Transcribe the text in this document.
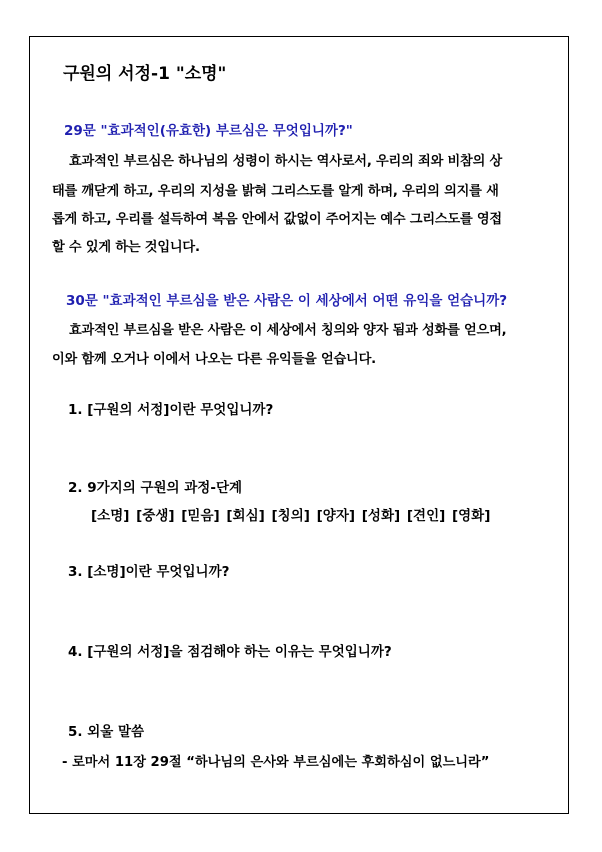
구원의 서정-1 "소명"
29문 "효과적인(유효한) 부르심은 무엇입니까?"
효과적인 부르심은 하나님의 성령이 하시는 역사로서, 우리의 죄와 비참의 상
태를 깨닫게 하고, 우리의 지성을 밝혀 그리스도를 알게 하며, 우리의 의지를 새
롭게 하고, 우리를 설득하여 복음 안에서 값없이 주어지는 예수 그리스도를 영접
할 수 있게 하는 것입니다.
30문 "효과적인 부르심을 받은 사람은 이 세상에서 어떤 유익을 얻습니까?
효과적인 부르심을 받은 사람은 이 세상에서 칭의와 양자 됨과 성화를 얻으며,
이와 함께 오거나 이에서 나오는 다른 유익들을 얻습니다.
1. [구원의 서정]이란 무엇입니까?
2. 9가지의 구원의 과정-단계
[소명] [중생] [믿음] [회심] [칭의] [양자] [성화] [견인] [영화]
3. [소명]이란 무엇입니까?
4. [구원의 서정]을 점검해야 하는 이유는 무엇입니까?
5. 외울 말씀
- 로마서 11장 29절 “하나님의 은사와 부르심에는 후회하심이 없느니라”
